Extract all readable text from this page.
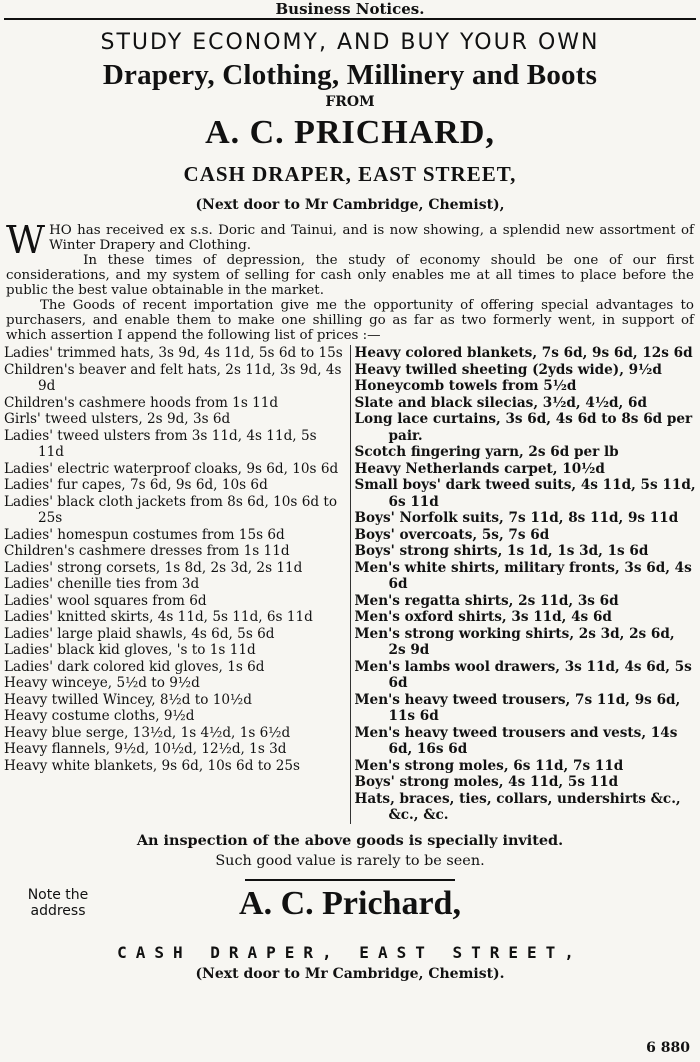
Business Notices.
STUDY ECONOMY, AND BUY YOUR OWN
Drapery, Clothing, Millinery and Boots
FROM
A. C. PRICHARD,
CASH DRAPER, EAST STREET,
(Next door to Mr Cambridge, Chemist),

WHO has received ex s.s. Doric and Tainui, and is now showing, a splendid new assortment of Winter Drapery and Clothing.

In these times of depression, the study of economy should be one of our first considerations, and my system of selling for cash only enables me at all times to place before the public the best value obtainable in the market.

The Goods of recent importation give me the opportunity of offering special advantages to purchasers, and enable them to make one shilling go as far as two formerly went, in support of which assertion I append the following list of prices :—

Ladies' trimmed hats, 3s 9d, 4s 11d, 5s 6d to 15s
Children's beaver and felt hats, 2s 11d, 3s 9d, 4s 9d
Children's cashmere hoods from 1s 11d
Girls' tweed ulsters, 2s 9d, 3s 6d
Ladies' tweed ulsters from 3s 11d, 4s 11d, 5s 11d
Ladies' electric waterproof cloaks, 9s 6d, 10s 6d
Ladies' fur capes, 7s 6d, 9s 6d, 10s 6d
Ladies' black cloth jackets from 8s 6d, 10s 6d to 25s
Ladies' homespun costumes from 15s 6d
Children's cashmere dresses from 1s 11d
Ladies' strong corsets, 1s 8d, 2s 3d, 2s 11d
Ladies' chenille ties from 3d
Ladies' wool squares from 6d
Ladies' knitted skirts, 4s 11d, 5s 11d, 6s 11d
Ladies' large plaid shawls, 4s 6d, 5s 6d
Ladies' black kid gloves, 's to 1s 11d
Ladies' dark colored kid gloves, 1s 6d
Heavy winceye, 5½d to 9½d
Heavy twilled Wincey, 8½d to 10½d
Heavy costume cloths, 9½d
Heavy blue serge, 13½d, 1s 4½d, 1s 6½d
Heavy flannels, 9½d, 10½d, 12½d, 1s 3d
Heavy white blankets, 9s 6d, 10s 6d to 25s
Heavy colored blankets, 7s 6d, 9s 6d, 12s 6d
Heavy twilled sheeting (2yds wide), 9½d
Honeycomb towels from 5½d
Slate and black silecias, 3½d, 4½d, 6d
Long lace curtains, 3s 6d, 4s 6d to 8s 6d per pair.
Scotch fingering yarn, 2s 6d per lb
Heavy Netherlands carpet, 10½d
Small boys' dark tweed suits, 4s 11d, 5s 11d, 6s 11d
Boys' Norfolk suits, 7s 11d, 8s 11d, 9s 11d
Boys' overcoats, 5s, 7s 6d
Boys' strong shirts, 1s 1d, 1s 3d, 1s 6d
Men's white shirts, military fronts, 3s 6d, 4s 6d
Men's regatta shirts, 2s 11d, 3s 6d
Men's oxford shirts, 3s 11d, 4s 6d
Men's strong working shirts, 2s 3d, 2s 6d, 2s 9d
Men's lambs wool drawers, 3s 11d, 4s 6d, 5s 6d
Men's heavy tweed trousers, 7s 11d, 9s 6d, 11s 6d
Men's heavy tweed trousers and vests, 14s 6d, 16s 6d
Men's strong moles, 6s 11d, 7s 11d
Boys' strong moles, 4s 11d, 5s 11d
Hats, braces, ties, collars, undershirts &c., &c., &c.
An inspection of the above goods is specially invited.
Such good value is rarely to be seen.
Note the
address	A. C. Prichard,
CASH DRAPER, EAST STREET,
(Next door to Mr Cambridge, Chemist).
6 880
